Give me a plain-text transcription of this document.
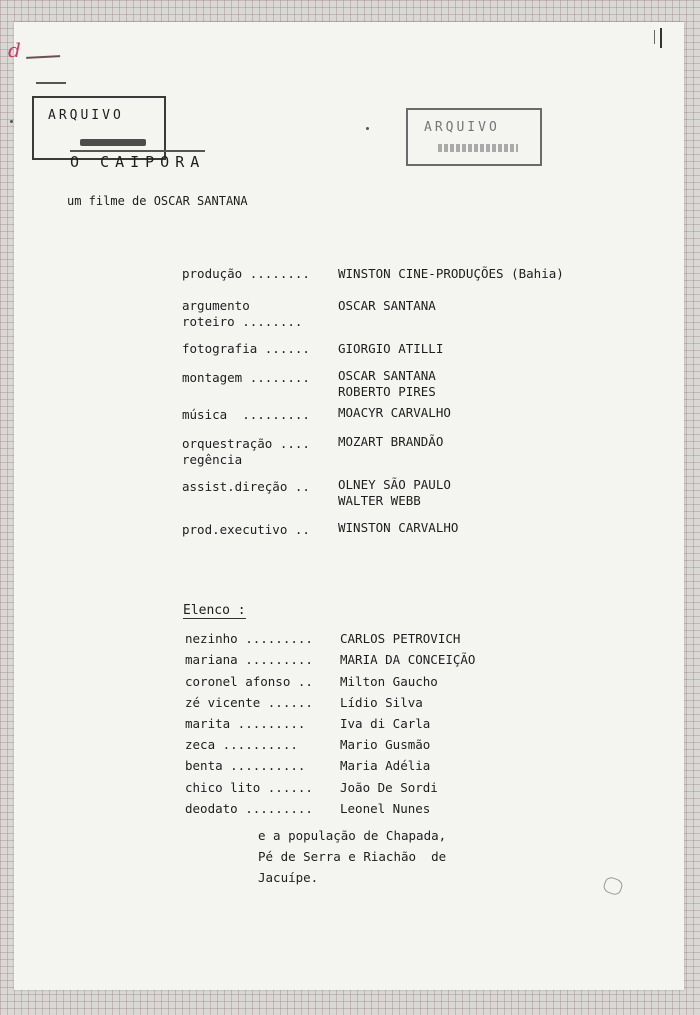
d
ARQUIVO
ARQUIVO
O CAIPORA
um filme de OSCAR SANTANA
produção ........ WINSTON CINE-PRODUÇÕES (Bahia)
argumento
roteiro ........
OSCAR SANTANA
fotografia ...... GIORGIO ATILLI
montagem ........ OSCAR SANTANA
ROBERTO PIRES
música  ......... MOACYR CARVALHO
orquestração ....
regência
MOZART BRANDÃO
assist.direção .. OLNEY SÃO PAULO
WALTER WEBB
prod.executivo .. WINSTON CARVALHO
Elenco :
nezinho ......... CARLOS PETROVICH
mariana ......... MARIA DA CONCEIÇÃO
coronel afonso .. Milton Gaucho
zé vicente ...... Lídio Silva
marita .........	Iva di Carla
zeca ..........	Mario Gusmão
benta ..........	Maria Adélia
chico lito ...... João De Sordi
deodato ......... Leonel Nunes
e a população de Chapada,
Pé de Serra e Riachão  de
Jacuípe.
